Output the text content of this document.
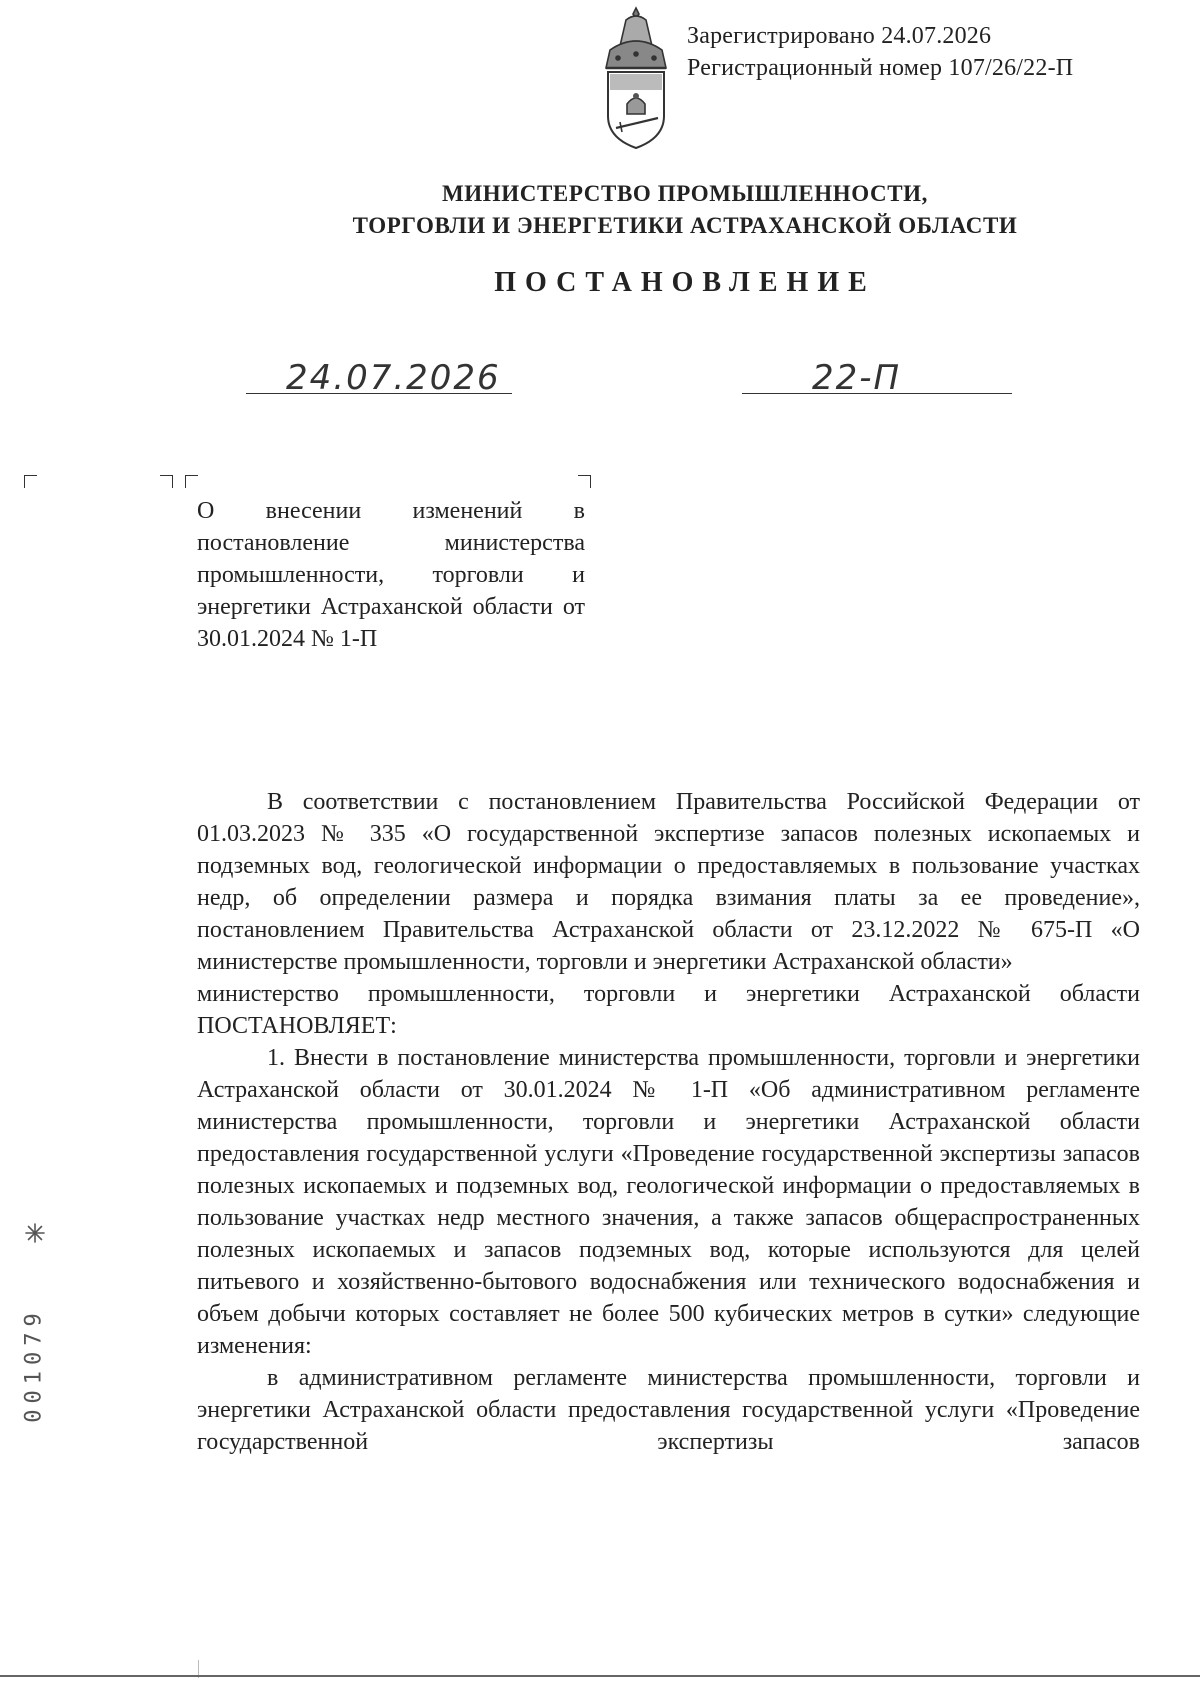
Зарегистрировано 24.07.2026
Регистрационный номер 107/26/22-П
МИНИСТЕРСТВО ПРОМЫШЛЕННОСТИ,
ТОРГОВЛИ И ЭНЕРГЕТИКИ АСТРАХАНСКОЙ ОБЛАСТИ
ПОСТАНОВЛЕНИЕ
24.07.2026	22-П
О внесении изменений в постановление министерства промышленности, торговли и энергетики Астраханской области от 30.01.2024 № 1-П

В соответствии с постановлением Правительства Российской Федерации от 01.03.2023 № 335 «О государственной экспертизе запасов полезных ископаемых и подземных вод, геологической информации о предоставляемых в пользование участках недр, об определении размера и порядка взимания платы за ее проведение», постановлением Правительства Астраханской области от 23.12.2022 № 675-П «О министерстве промышленности, торговли и энергетики Астраханской области»

министерство промышленности, торговли и энергетики Астраханской области ПОСТАНОВЛЯЕТ:

1. Внести в постановление министерства промышленности, торговли и энергетики Астраханской области от 30.01.2024 № 1-П «Об административном регламенте министерства промышленности, торговли и энергетики Астраханской области предоставления государственной услуги «Проведение государственной экспертизы запасов полезных ископаемых и подземных вод, геологической информации о предоставляемых в пользование участках недр местного значения, а также запасов общераспространенных полезных ископаемых и запасов подземных вод, которые используются для целей питьевого и хозяйственно-бытового водоснабжения или технического водоснабжения и объем добычи которых составляет не более 500 кубических метров в сутки» следующие изменения:

в административном регламенте министерства промышленности, торговли и энергетики Астраханской области предоставления государственной услуги «Проведение государственной экспертизы запасов

001079
